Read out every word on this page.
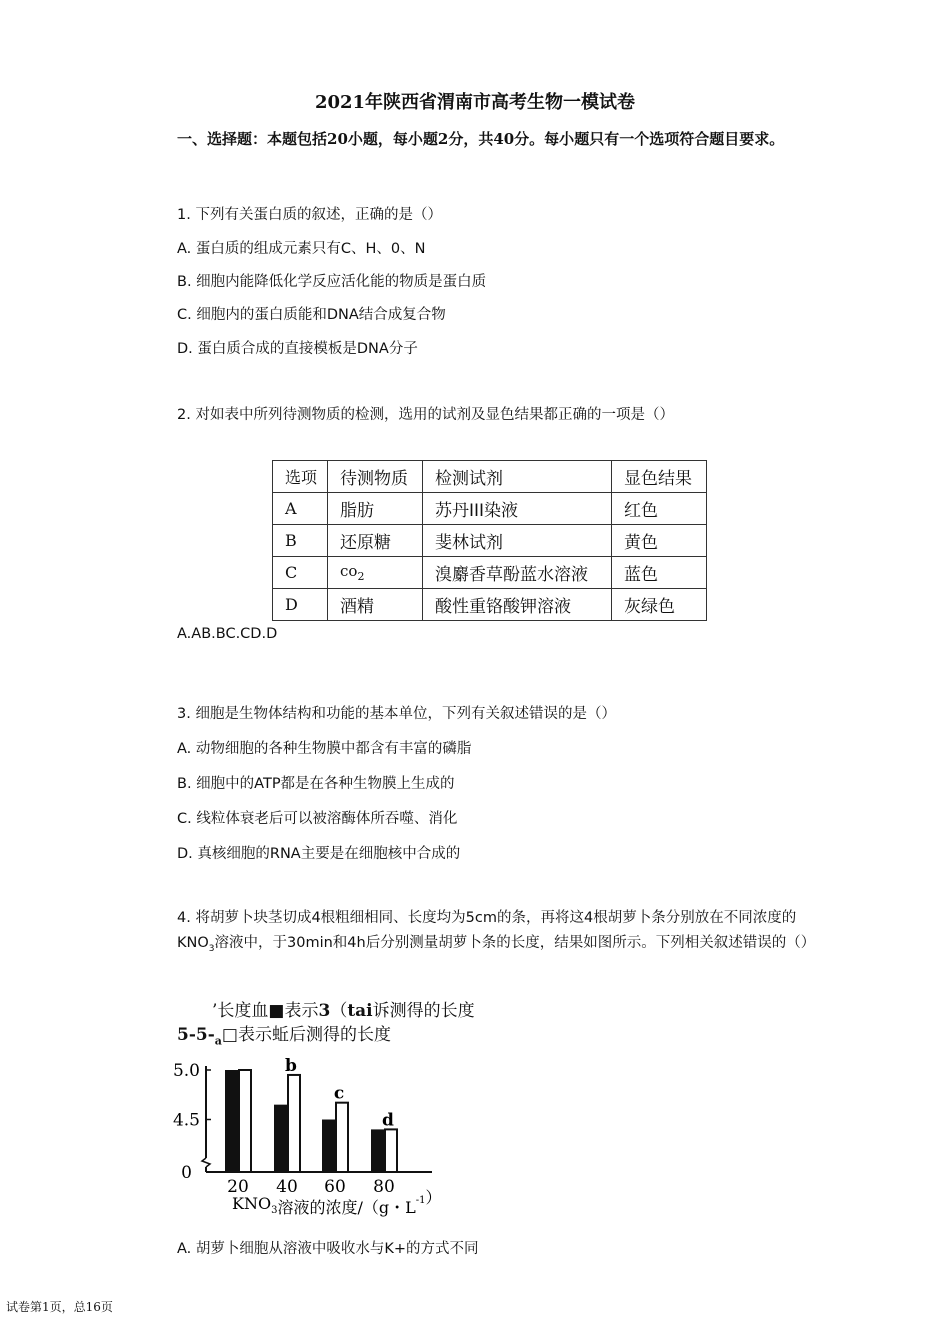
2021年陕西省渭南市高考生物一模试卷
一、选择题：本题包括20小题，每小题2分，共40分。每小题只有一个选项符合题目要求。
1. 下列有关蛋白质的叙述，正确的是（）
A. 蛋白质的组成元素只有C、H、0、N
B. 细胞内能降低化学反应活化能的物质是蛋白质
C. 细胞内的蛋白质能和DNA结合成复合物
D. 蛋白质合成的直接模板是DNA分子
2. 对如表中所列待测物质的检测，选用的试剂及显色结果都正确的一项是（）
选项	待测物质	检测试剂	显色结果
A	脂肪	苏丹III染液	红色
B	还原糖	斐林试剂	黄色
C	$co_2$	溴麝香草酚蓝水溶液	蓝色
D	酒精	酸性重铬酸钾溶液	灰绿色
A.AB.BC.CD.D
3. 细胞是生物体结构和功能的基本单位，下列有关叙述错误的是（）
A. 动物细胞的各种生物膜中都含有丰富的磷脂
B. 细胞中的ATP都是在各种生物膜上生成的
C. 线粒体衰老后可以被溶酶体所吞噬、消化
D. 真核细胞的RNA主要是在细胞核中合成的
4. 将胡萝卜块茎切成4根粗细相同、长度均为5cm的条，再将这4根胡萝卜条分别放在不同浓度的$KNO_3$溶液中，于30min和4h后分别测量胡萝卜条的长度，结果如图所示。下列相关叙述错误的（）
’长度血■表示3（tai诉测得的长度
$5-5-_a□$表示蚯后测得的长度
5.0
4.5
0
20 40
b
60
c
80
d
$KNO_3$溶液的浓度/（g・$L^{-1}$）
A. 胡萝卜细胞从溶液中吸收水与K+的方式不同
试卷第1页，总16页
